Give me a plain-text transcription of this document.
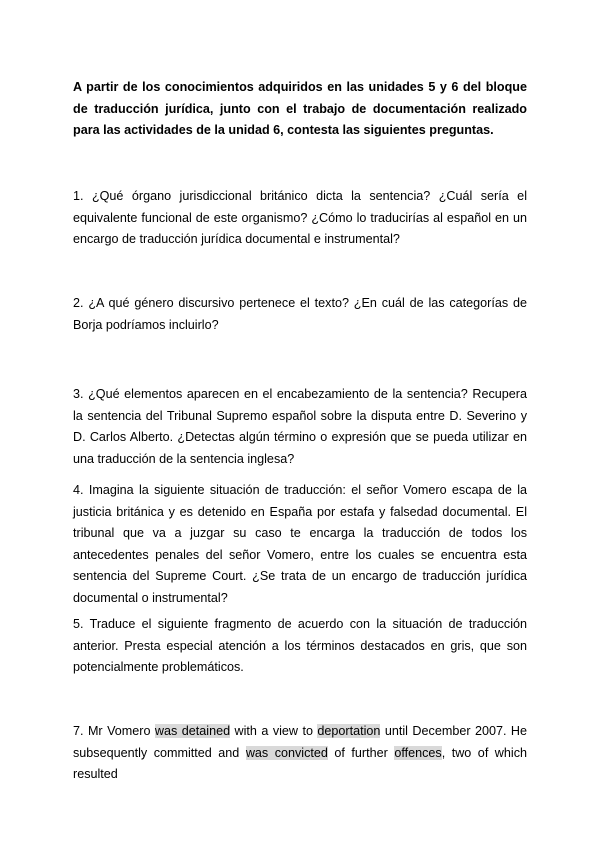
A partir de los conocimientos adquiridos en las unidades 5 y 6 del bloque de traducción jurídica, junto con el trabajo de documentación realizado para las actividades de la unidad 6, contesta las siguientes preguntas.

1. ¿Qué órgano jurisdiccional británico dicta la sentencia? ¿Cuál sería el equivalente funcional de este organismo? ¿Cómo lo traducirías al español en un encargo de traducción jurídica documental e instrumental?

2. ¿A qué género discursivo pertenece el texto? ¿En cuál de las categorías de Borja podríamos incluirlo?

3. ¿Qué elementos aparecen en el encabezamiento de la sentencia? Recupera la sentencia del Tribunal Supremo español sobre la disputa entre D. Severino y D. Carlos Alberto. ¿Detectas algún término o expresión que se pueda utilizar en una traducción de la sentencia inglesa?

4. Imagina la siguiente situación de traducción: el señor Vomero escapa de la justicia británica y es detenido en España por estafa y falsedad documental. El tribunal que va a juzgar su caso te encarga la traducción de todos los antecedentes penales del señor Vomero, entre los cuales se encuentra esta sentencia del Supreme Court. ¿Se trata de un encargo de traducción jurídica documental o instrumental?

5. Traduce el siguiente fragmento de acuerdo con la situación de traducción anterior. Presta especial atención a los términos destacados en gris, que son potencialmente problemáticos.

7. Mr Vomero was detained with a view to deportation until December 2007. He subsequently committed and was convicted of further offences, two of which resulted
